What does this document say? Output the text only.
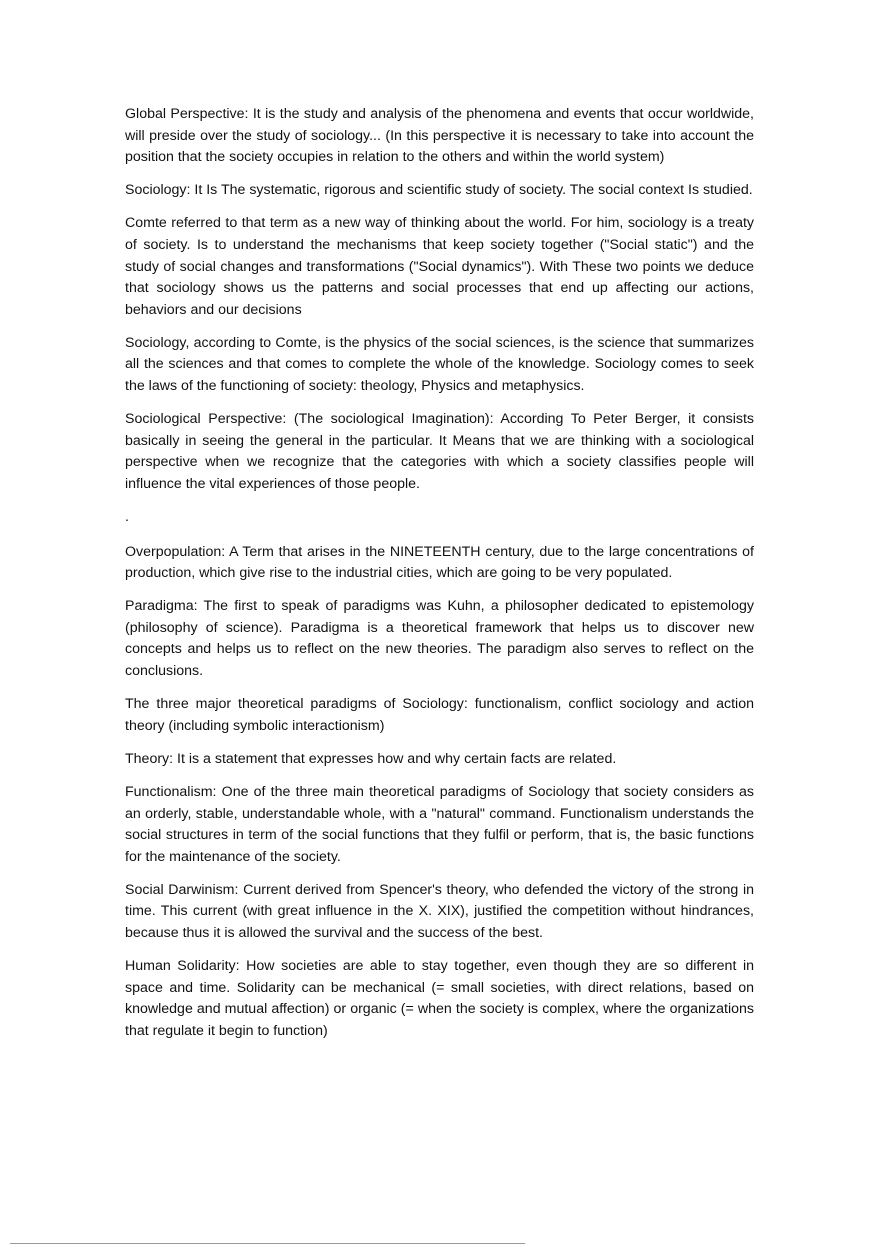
Global Perspective: It is the study and analysis of the phenomena and events that occur worldwide, will preside over the study of sociology... (In this perspective it is necessary to take into account the position that the society occupies in relation to the others and within the world system)

Sociology: It Is The systematic, rigorous and scientific study of society. The social context Is studied.

Comte referred to that term as a new way of thinking about the world. For him, sociology is a treaty of society. Is to understand the mechanisms that keep society together ("Social static") and the study of social changes and transformations ("Social dynamics"). With These two points we deduce that sociology shows us the patterns and social processes that end up affecting our actions, behaviors and our decisions

Sociology, according to Comte, is the physics of the social sciences, is the science that summarizes all the sciences and that comes to complete the whole of the knowledge. Sociology comes to seek the laws of the functioning of society: theology, Physics and metaphysics.

Sociological Perspective: (The sociological Imagination): According To Peter Berger, it consists basically in seeing the general in the particular. It Means that we are thinking with a sociological perspective when we recognize that the categories with which a society classifies people will influence the vital experiences of those people.

.

Overpopulation: A Term that arises in the NINETEENTH century, due to the large concentrations of production, which give rise to the industrial cities, which are going to be very populated.

Paradigma: The first to speak of paradigms was Kuhn, a philosopher dedicated to epistemology (philosophy of science). Paradigma is a theoretical framework that helps us to discover new concepts and helps us to reflect on the new theories. The paradigm also serves to reflect on the conclusions.

The three major theoretical paradigms of Sociology: functionalism, conflict sociology and action theory (including symbolic interactionism)

Theory: It is a statement that expresses how and why certain facts are related.

Functionalism: One of the three main theoretical paradigms of Sociology that society considers as an orderly, stable, understandable whole, with a "natural" command. Functionalism understands the social structures in term of the social functions that they fulfil or perform, that is, the basic functions for the maintenance of the society.

Social Darwinism: Current derived from Spencer's theory, who defended the victory of the strong in time. This current (with great influence in the X. XIX), justified the competition without hindrances, because thus it is allowed the survival and the success of the best.

Human Solidarity: How societies are able to stay together, even though they are so different in space and time. Solidarity can be mechanical (= small societies, with direct relations, based on knowledge and mutual affection) or organic (= when the society is complex, where the organizations that regulate it begin to function)
